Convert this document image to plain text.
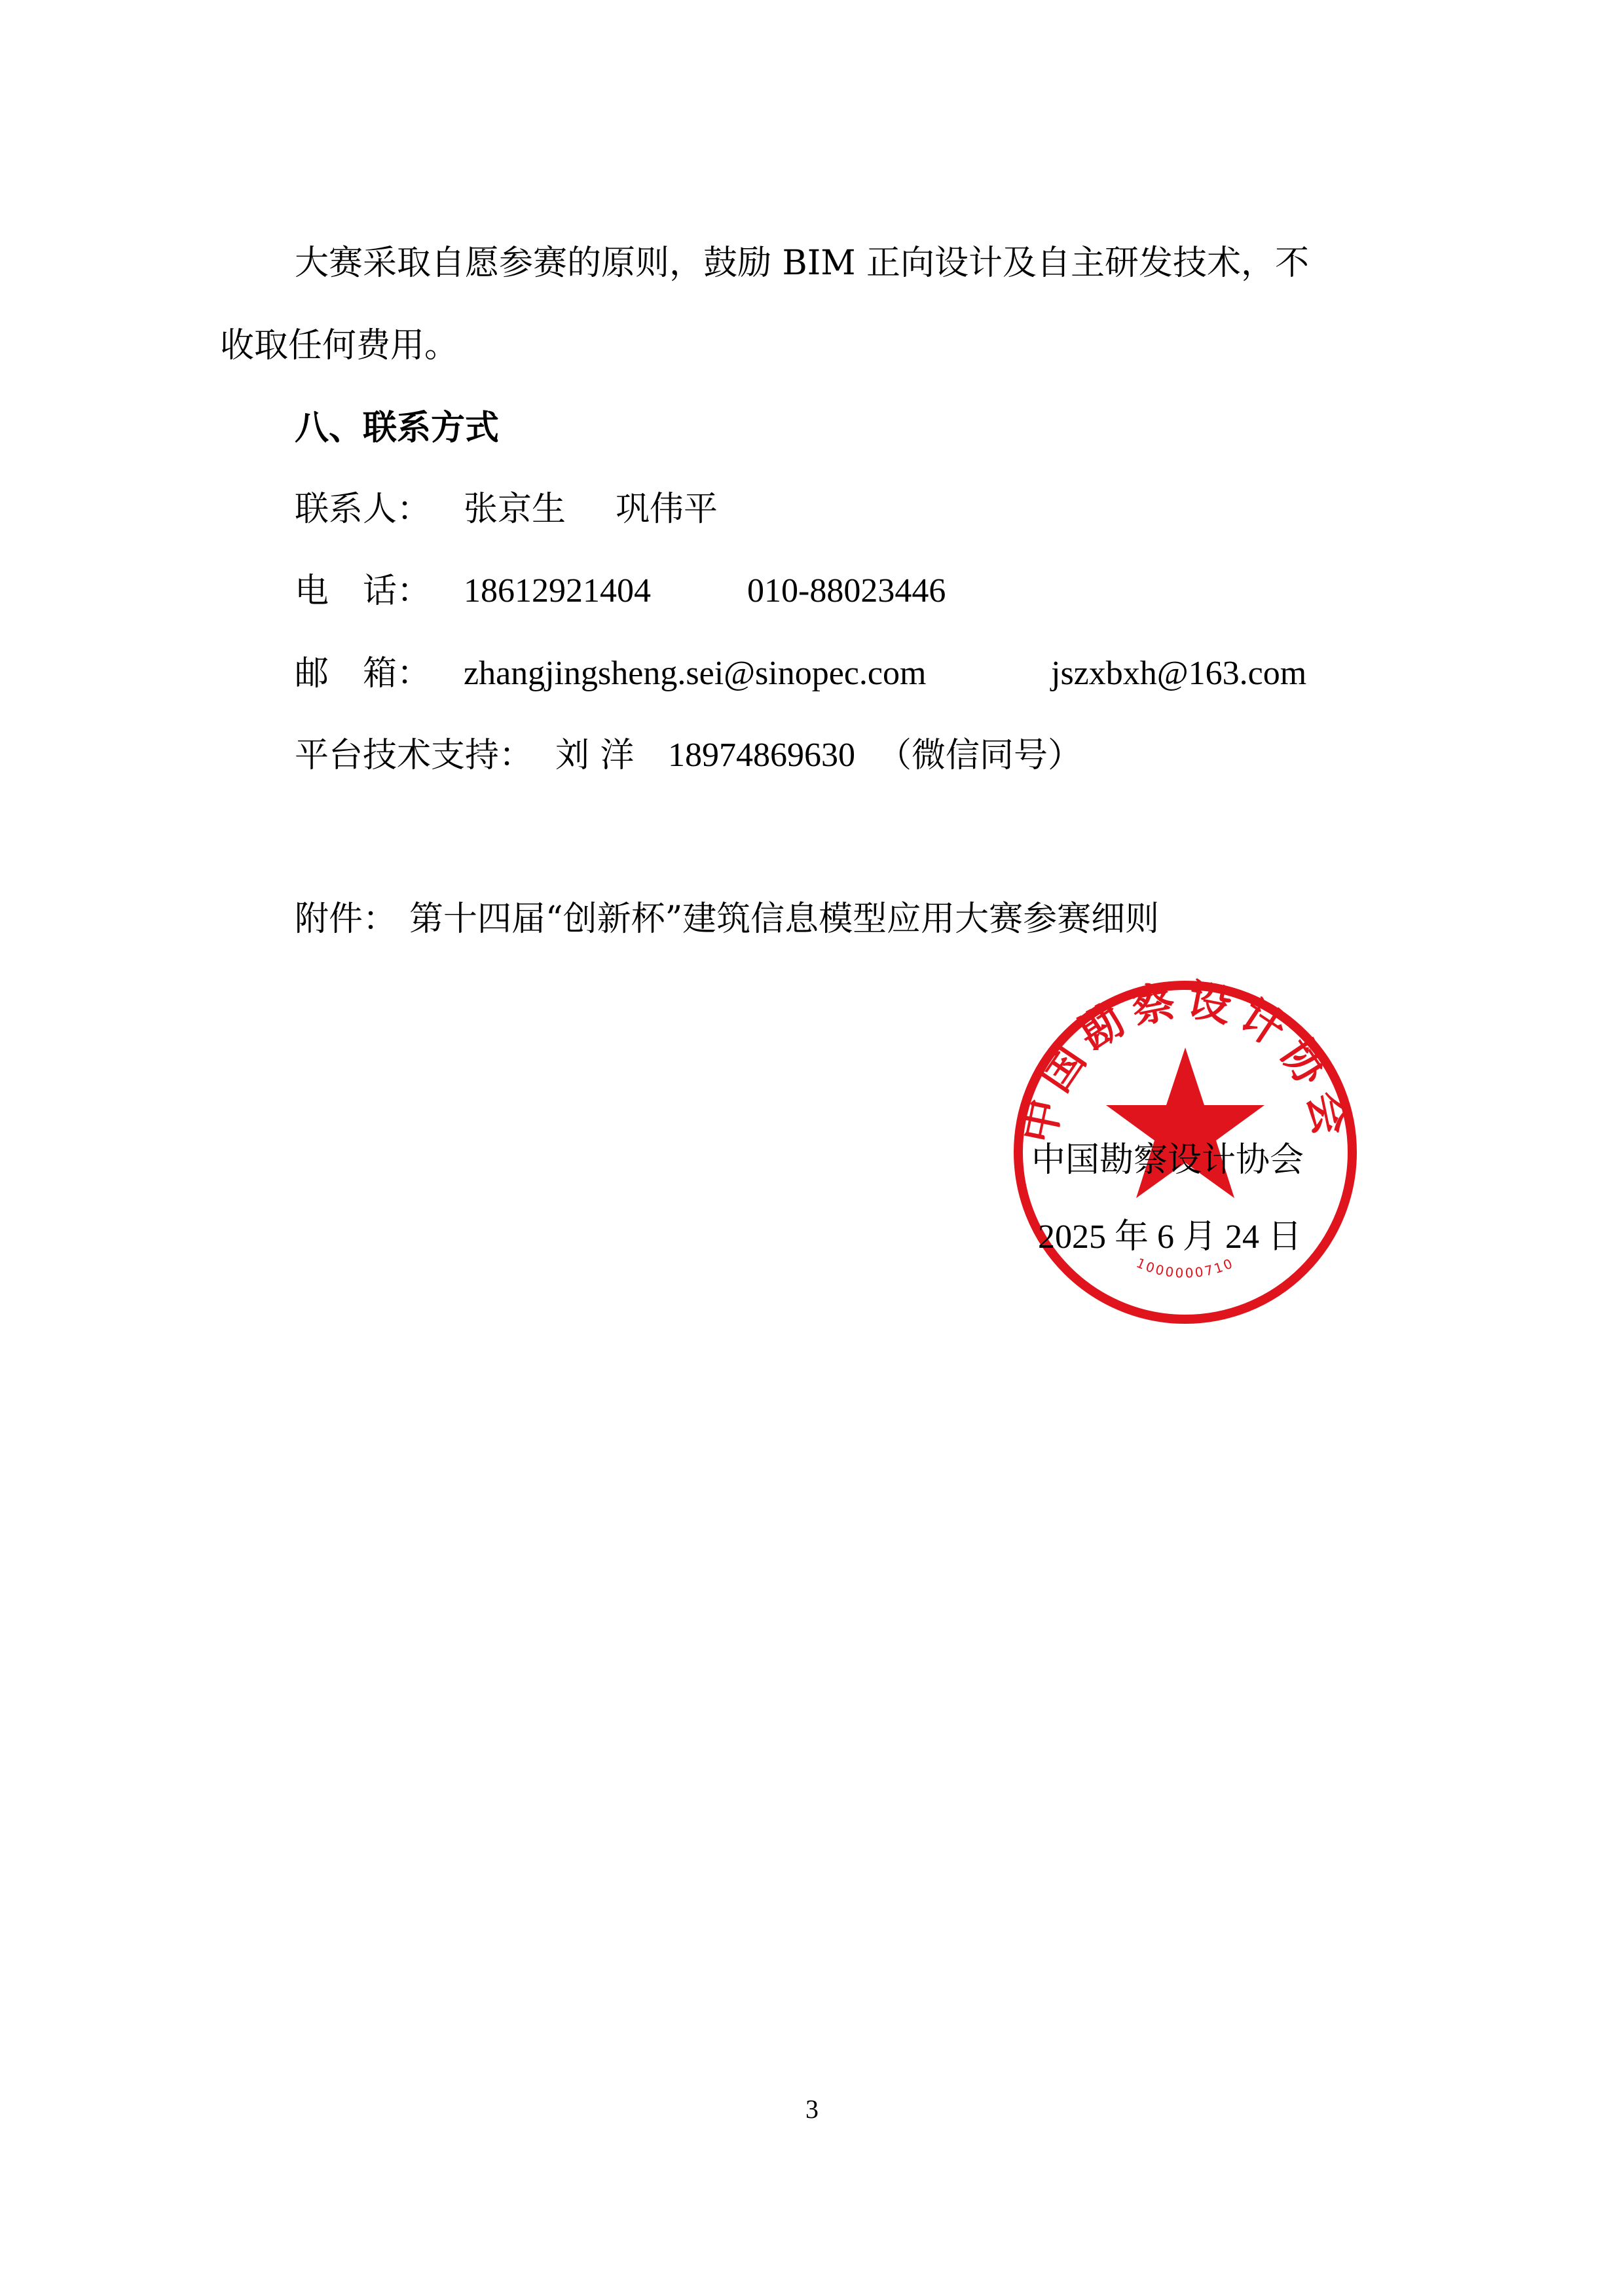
大赛采取自愿参赛的原则，鼓励 BIM 正向设计及自主研发技术，不
收取任何费用。
八、联系方式
联系人： 张京生 巩伟平
电　话： 18612921404	010-88023446
邮　箱： zhangjingsheng.sei@sinopec.com	jszxbxh@163.com
平台技术支持： 刘 洋 18974869630 （微信同号）
附件： 第十四届“创新杯”建筑信息模型应用大赛参赛细则
中国勘察设计协会
1000000710
中国勘察设计协会
2025 年 6 月 24 日
3
